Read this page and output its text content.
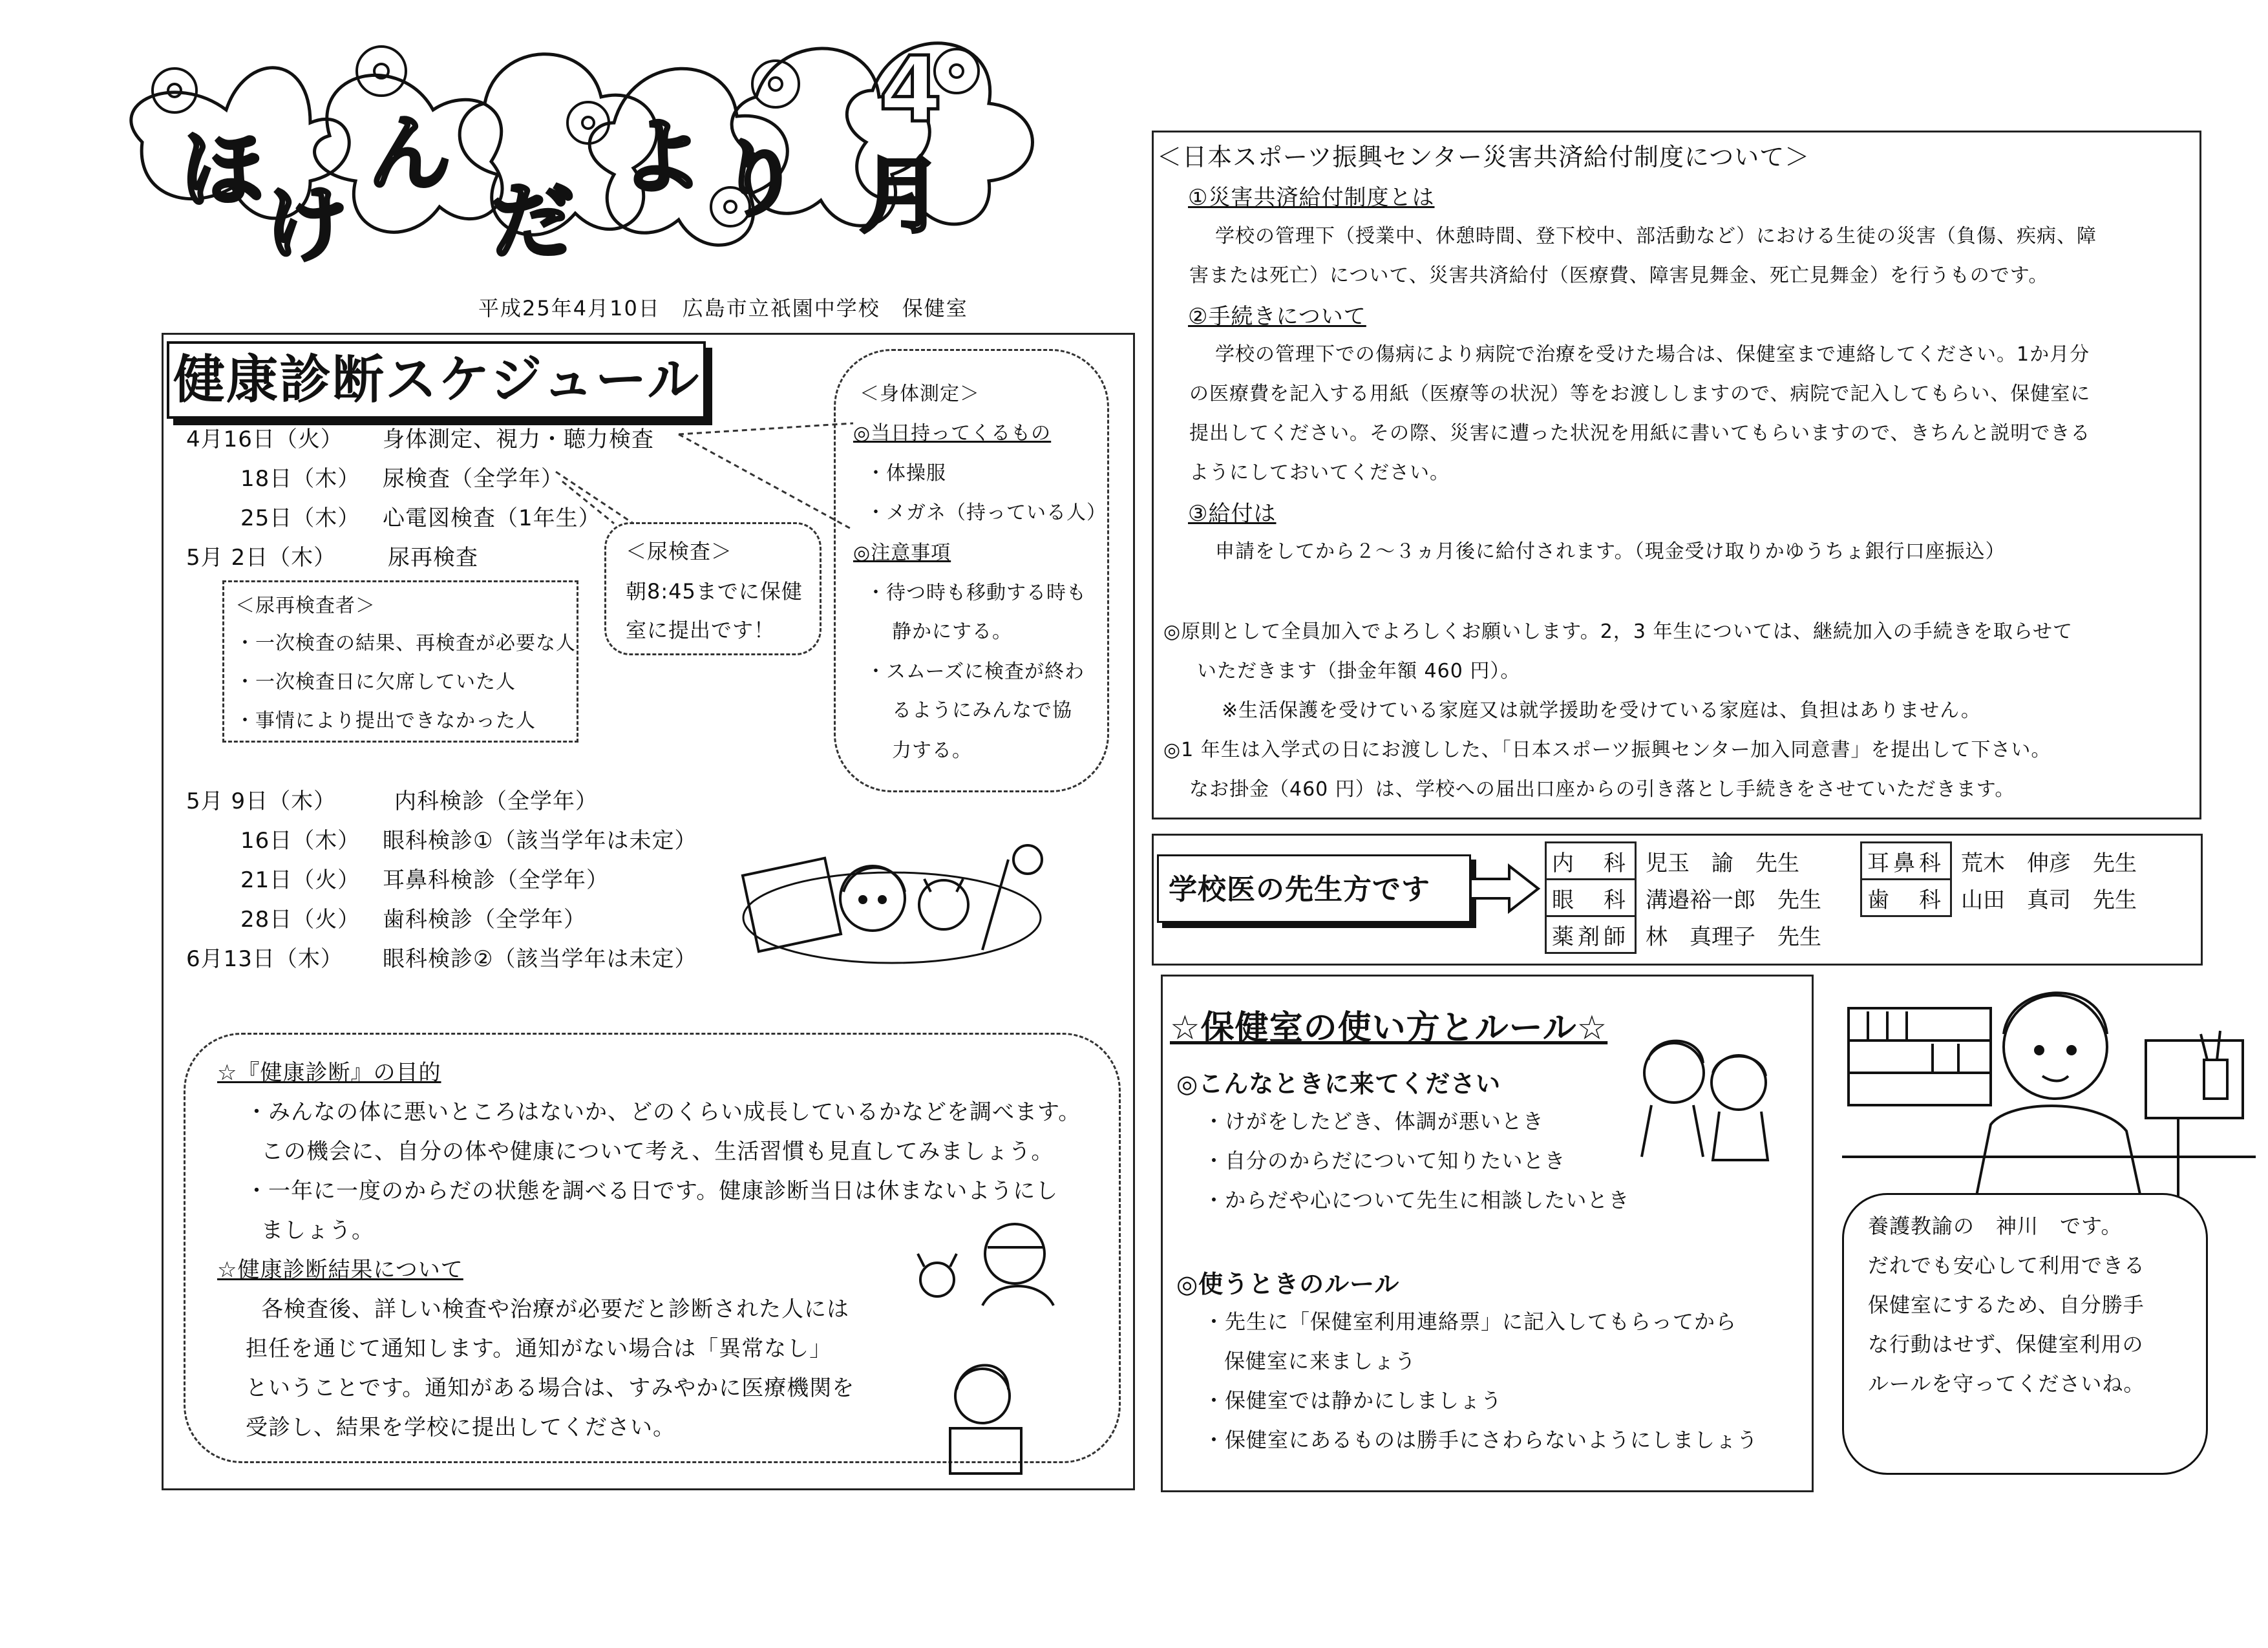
ほ
け
ん
だ
よ り
4
月
平成25年4月10日　広島市立祇園中学校　保健室
健康診断スケジュール
4月16日（火） 身体測定、視力・聴力検査
18日（木） 尿検査（全学年）
25日（木） 心電図検査（1年生）
5月 2日（木） 尿再検査
＜尿再検査者＞
・一次検査の結果、再検査が必要な人
・一次検査日に欠席していた人
・事情により提出できなかった人
＜尿検査＞
朝8:45までに保健
室に提出です！
＜身体測定＞
◎当日持ってくるもの
・体操服
・メガネ（持っている人）
◎注意事項
・待つ時も移動する時も
静かにする。
・スムーズに検査が終わ
るようにみんなで協
力する。
5月 9日（木）	内科検診（全学年）
16日（木） 眼科検診①（該当学年は未定）
21日（火） 耳鼻科検診（全学年）
28日（火） 歯科検診（全学年）
6月13日（木） 眼科検診②（該当学年は未定）
☆『健康診断』の目的
・みんなの体に悪いところはないか、どのくらい成長しているかなどを調べます。
この機会に、自分の体や健康について考え、生活習慣も見直してみましょう。
・一年に一度のからだの状態を調べる日です。健康診断当日は休まないようにし
ましょう。
☆健康診断結果について
各検査後、詳しい検査や治療が必要だと診断された人には
担任を通じて通知します。通知がない場合は「異常なし」
ということです。通知がある場合は、すみやかに医療機関を
受診し、結果を学校に提出してください。
＜日本スポーツ振興センター災害共済給付制度について＞
①災害共済給付制度とは
学校の管理下（授業中、休憩時間、登下校中、部活動など）における生徒の災害（負傷、疾病、障
害または死亡）について、災害共済給付（医療費、障害見舞金、死亡見舞金）を行うものです。
②手続きについて
学校の管理下での傷病により病院で治療を受けた場合は、保健室まで連絡してください。1か月分
の医療費を記入する用紙（医療等の状況）等をお渡ししますので、病院で記入してもらい、保健室に
提出してください。その際、災害に遭った状況を用紙に書いてもらいますので、きちんと説明できる
ようにしておいてください。
③給付は
申請をしてから２～３ヵ月後に給付されます。（現金受け取りかゆうちょ銀行口座振込）
◎原則として全員加入でよろしくお願いします。2，3 年生については、継続加入の手続きを取らせて
いただきます（掛金年額 460 円）。
※生活保護を受けている家庭又は就学援助を受けている家庭は、負担はありません。
◎1 年生は入学式の日にお渡しした、「日本スポーツ振興センター加入同意書」を提出して下さい。
なお掛金（460 円）は、学校への届出口座からの引き落とし手続きをさせていただきます。
学校医の先生方です
内　科	児玉　諭　先生	耳鼻科	荒木　伸彦　先生
眼　科	溝邉裕一郎　先生	歯　科	山田　真司　先生
薬剤師	林　真理子　先生		
☆保健室の使い方とルール☆
◎こんなときに来てください
・けがをしたどき、体調が悪いとき
・自分のからだについて知りたいとき
・からだや心について先生に相談したいとき
◎使うときのルール
・先生に「保健室利用連絡票」に記入してもらってから
保健室に来ましょう
・保健室では静かにしましょう
・保健室にあるものは勝手にさわらないようにしましょう
養護教諭の　神川　です。
だれでも安心して利用できる
保健室にするため、自分勝手
な行動はせず、保健室利用の
ルールを守ってくださいね。
